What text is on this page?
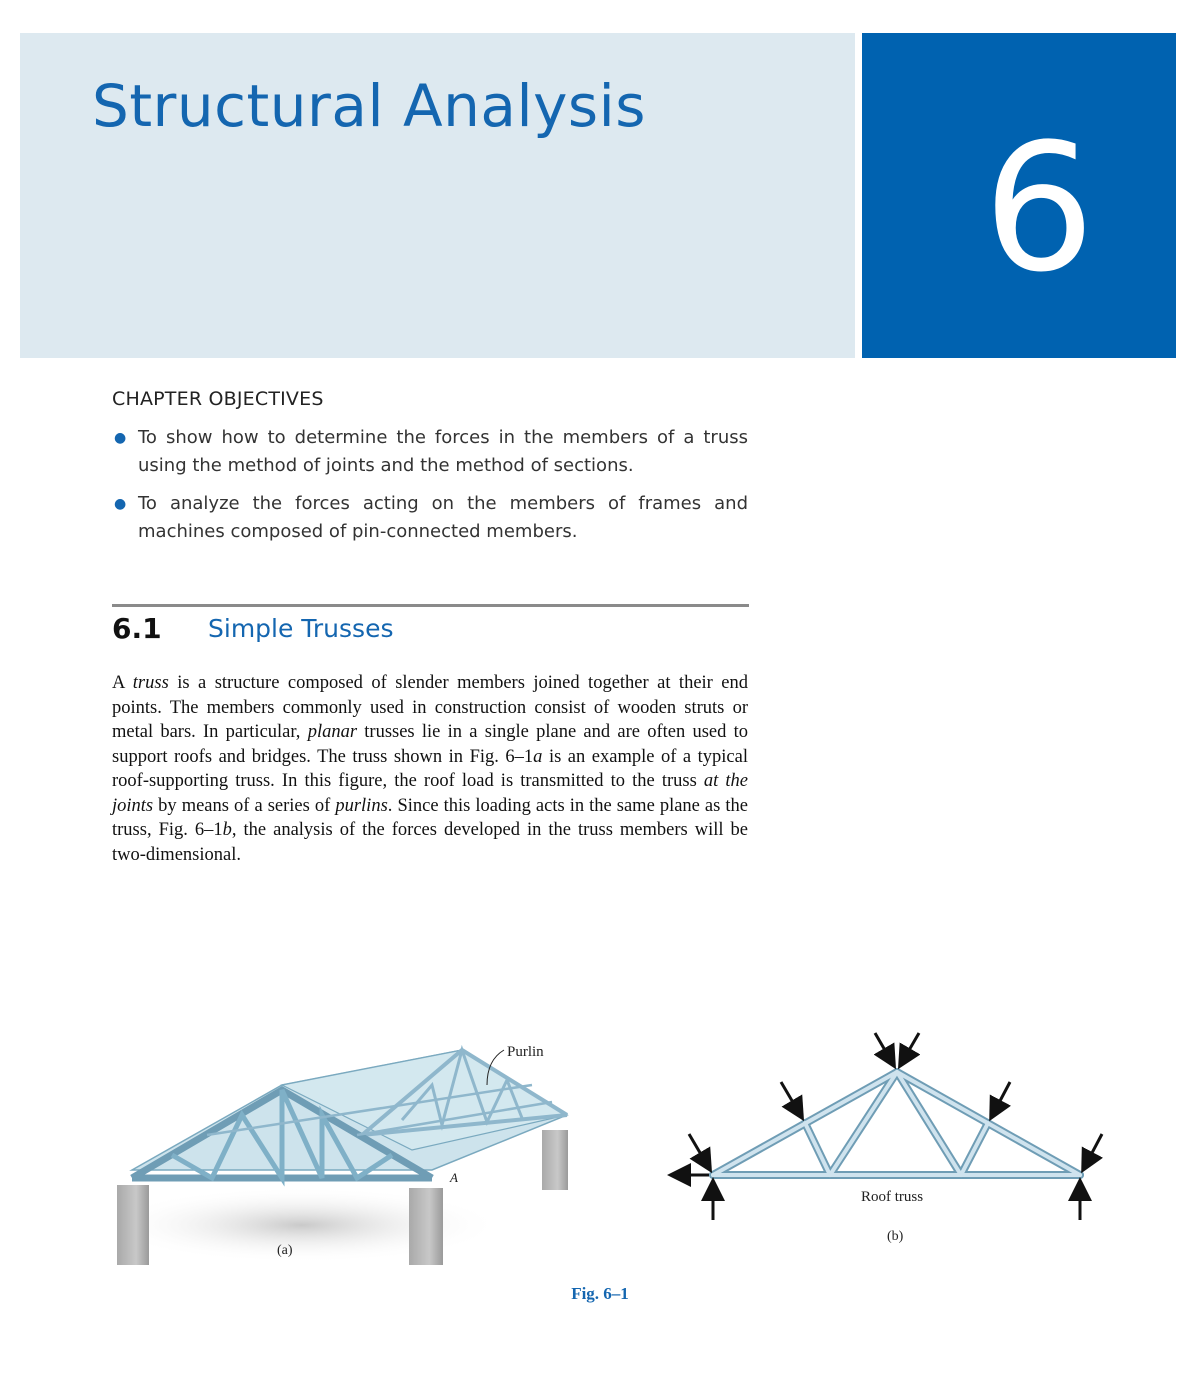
Structural Analysis	6
CHAPTER OBJECTIVES
● To show how to determine the forces in the members of a truss using the method of joints and the method of sections.
● To analyze the forces acting on the members of frames and machines composed of pin-connected members.
6.1 Simple Trusses

A truss is a structure composed of slender members joined together at their end points. The members commonly used in construction consist of wooden struts or metal bars. In particular, planar trusses lie in a single plane and are often used to support roofs and bridges. The truss shown in Fig. 6–1a is an example of a typical roof-supporting truss. In this figure, the roof load is transmitted to the truss at the joints by means of a series of purlins. Since this loading acts in the same plane as the truss, Fig. 6–1b, the analysis of the forces developed in the truss members will be two-dimensional.

Purlin
A
(a)
Roof truss
(b)

Fig. 6–1
